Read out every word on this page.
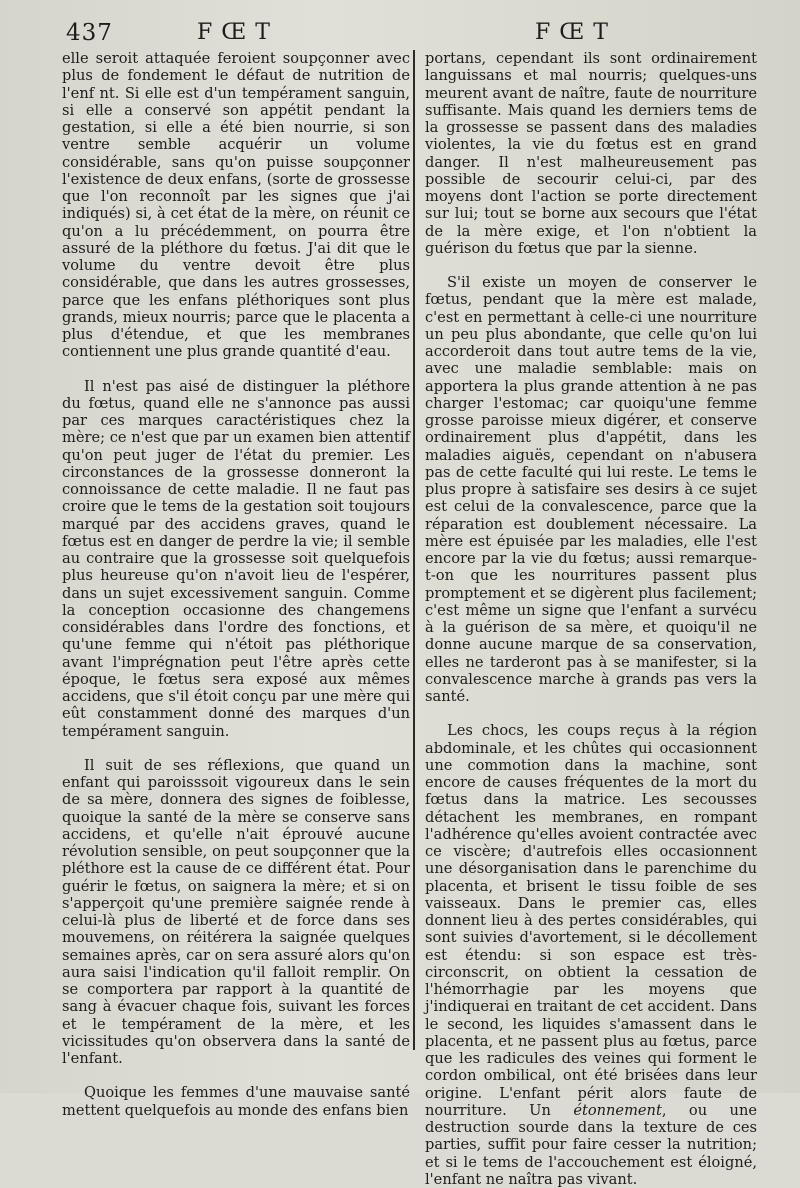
437	F Œ T	F Œ T

elle seroit attaquée feroient soupçonner avec plus de fondement le défaut de nutrition de l'enf nt. Si elle est d'un tempérament sanguin, si elle a conservé son appétit pendant la gestation, si elle a été bien nourrie, si son ventre semble acquérir un volume considérable, sans qu'on puisse soupçonner l'existence de deux enfans, (sorte de grossesse que l'on reconnoît par les signes que j'ai indiqués) si, à cet état de la mère, on réunit ce qu'on a lu précédemment, on pourra être assuré de la pléthore du fœtus. J'ai dit que le volume du ventre devoit être plus considérable, que dans les autres grossesses, parce que les enfans pléthoriques sont plus grands, mieux nourris; parce que le placenta a plus d'étendue, et que les membranes contiennent une plus grande quantité d'eau.

Il n'est pas aisé de distinguer la pléthore du fœtus, quand elle ne s'annonce pas aussi par ces marques caractéristiques chez la mère; ce n'est que par un examen bien attentif qu'on peut juger de l'état du premier. Les circonstances de la grossesse donneront la connoissance de cette maladie. Il ne faut pas croire que le tems de la gestation soit toujours marqué par des accidens graves, quand le fœtus est en danger de perdre la vie; il semble au contraire que la grossesse soit quelquefois plus heureuse qu'on n'avoit lieu de l'espérer, dans un sujet excessivement sanguin. Comme la conception occasionne des changemens considérables dans l'ordre des fonctions, et qu'une femme qui n'étoit pas pléthorique avant l'imprégnation peut l'être après cette époque, le fœtus sera exposé aux mêmes accidens, que s'il étoit conçu par une mère qui eût constamment donné des marques d'un tempérament sanguin.

Il suit de ses réflexions, que quand un enfant qui paroisssoit vigoureux dans le sein de sa mère, donnera des signes de foiblesse, quoique la santé de la mère se conserve sans accidens, et qu'elle n'ait éprouvé aucune révolution sensible, on peut soupçonner que la pléthore est la cause de ce différent état. Pour guérir le fœtus, on saignera la mère; et si on s'apperçoit qu'une première saignée rende à celui-là plus de liberté et de force dans ses mouvemens, on réitérera la saignée quelques semaines après, car on sera assuré alors qu'on aura saisi l'indication qu'il falloit remplir. On se comportera par rapport à la quantité de sang à évacuer chaque fois, suivant les forces et le tempérament de la mère, et les vicissitudes qu'on observera dans la santé de l'enfant.

Quoique les femmes d'une mauvaise santé mettent quelquefois au monde des enfans bien

portans, cependant ils sont ordinairement languissans et mal nourris; quelques-uns meurent avant de naître, faute de nourriture suffisante. Mais quand les derniers tems de la grossesse se passent dans des maladies violentes, la vie du fœtus est en grand danger. Il n'est malheureusement pas possible de secourir celui-ci, par des moyens dont l'action se porte directement sur lui; tout se borne aux secours que l'état de la mère exige, et l'on n'obtient la guérison du fœtus que par la sienne.

S'il existe un moyen de conserver le fœtus, pendant que la mère est malade, c'est en permettant à celle-ci une nourriture un peu plus abondante, que celle qu'on lui accorderoit dans tout autre tems de la vie, avec une maladie semblable: mais on apportera la plus grande attention à ne pas charger l'estomac; car quoiqu'une femme grosse paroisse mieux digérer, et conserve ordinairement plus d'appétit, dans les maladies aiguës, cependant on n'abusera pas de cette faculté qui lui reste. Le tems le plus propre à satisfaire ses desirs à ce sujet est celui de la convalescence, parce que la réparation est doublement nécessaire. La mère est épuisée par les maladies, elle l'est encore par la vie du fœtus; aussi remarque-t-on que les nourritures passent plus promptement et se digèrent plus facilement; c'est même un signe que l'enfant a survécu à la guérison de sa mère, et quoiqu'il ne donne aucune marque de sa conservation, elles ne tarderont pas à se manifester, si la convalescence marche à grands pas vers la santé.

Les chocs, les coups reçus à la région abdominale, et les chûtes qui occasionnent une commotion dans la machine, sont encore de causes fréquentes de la mort du fœtus dans la matrice. Les secousses détachent les membranes, en rompant l'adhérence qu'elles avoient contractée avec ce viscère; d'autrefois elles occasionnent une désorganisation dans le parenchime du placenta, et brisent le tissu foible de ses vaisseaux. Dans le premier cas, elles donnent lieu à des pertes considérables, qui sont suivies d'avortement, si le décollement est étendu: si son espace est très-circonscrit, on obtient la cessation de l'hémorrhagie par les moyens que j'indiquerai en traitant de cet accident. Dans le second, les liquides s'amassent dans le placenta, et ne passent plus au fœtus, parce que les radicules des veines qui forment le cordon ombilical, ont été brisées dans leur origine. L'enfant périt alors faute de nourriture. Un étonnement, ou une destruction sourde dans la texture de ces parties, suffit pour faire cesser la nutrition; et si le tems de l'accouchement est éloigné, l'enfant ne naîtra pas vivant.
